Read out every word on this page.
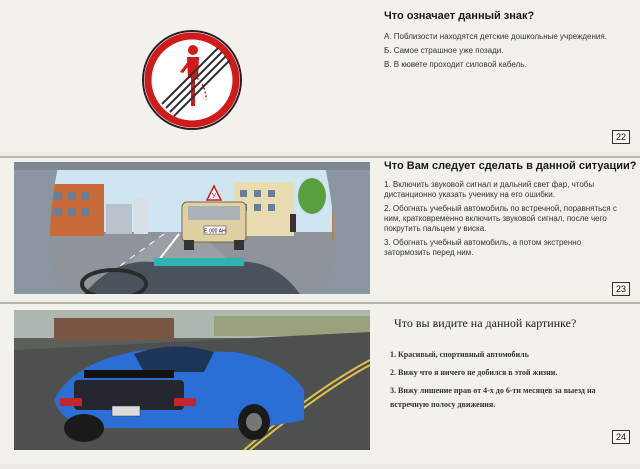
Что означает данный знак?
А. Поблизости находятся детские дошкольные учреждения.
Б. Самое страшное уже позади.
В. В кювете проходит силовой кабель.
22
Е 000 АН
У
Что Вам следует сделать в данной ситуации?
1. Включить звуковой сигнал и дальний свет фар, чтобы дистанционно указать ученику на его ошибки.
2. Обогнать учебный автомобиль по встречной, поравняться с ним, кратковременно включить звуковой сигнал, после чего покрутить пальцем у виска.
3. Обогнать учебный автомобиль, а потом экстренно затормозить перед ним.
23
Что вы видите на данной картинке?
1. Красивый, спортивный автомобиль
2. Вижу что я ничего не добился в этой жизни.
3. Вижу лишение прав от 4-х до 6-ти месяцев за выезд на встречную полосу движения.
24
